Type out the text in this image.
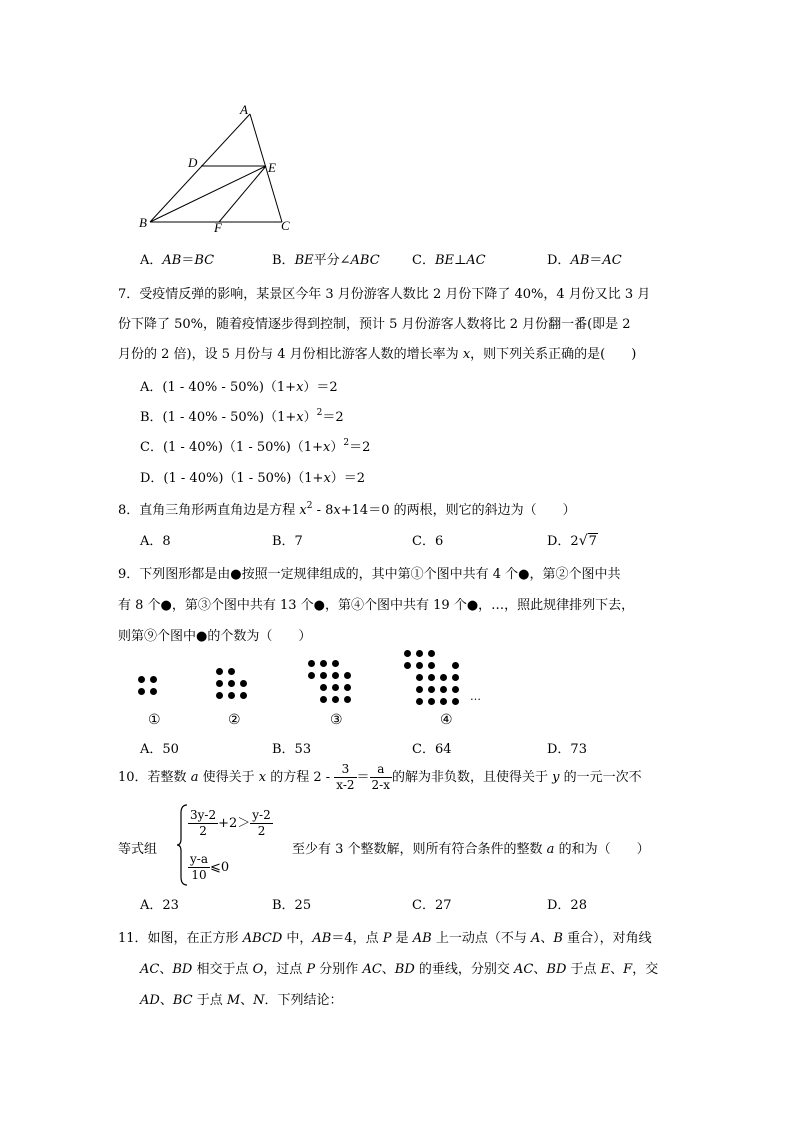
A
D	E
B	F	C
A．AB＝BC	B．BE平分∠ABC C．BE⊥AC	D．AB＝AC
7．受疫情反弹的影响，某景区今年 3 月份游客人数比 2 月份下降了 40%，4 月份又比 3 月
份下降了 50%，随着疫情逐步得到控制，预计 5 月份游客人数将比 2 月份翻一番(即是 2
月份的 2 倍)，设 5 月份与 4 月份相比游客人数的增长率为 x，则下列关系正确的是(　　)
A．(1 - 40% - 50%)（1+x）＝2
B．$(1 - 40\% - 50\%)(1+x)^2=2$
C．$(1 - 40\%)(1 - 50\%)(1+x)^2=2$
D．(1 - 40%)（1 - 50%)（1+x）＝2
8．直角三角形两直角边是方程 $x^2 - 8x+14=0$ 的两根，则它的斜边为（　　）
A．8	B．7	C．6	D．2√7
9．下列图形都是由●按照一定规律组成的，其中第①个图中共有 4 个●，第②个图中共
有 8 个●，第③个图中共有 13 个●，第④个图中共有 19 个●，…，照此规律排列下去，
则第⑨个图中●的个数为（　　）
…
①	②	③	④
A．50	B．53	C．64	D．73
10．若整数 a 使得关于 x 的方程 $2 - \frac{3}{x-2} = \frac{a}{2-x}$ 的解为非负数，且使得关于 y 的一元一次不
等式组
$\frac{3y-2}{2} +2> \frac{y-2}{2}$
$\frac{y-a}{10}$ ⩽0
至少有 3 个整数解，则所有符合条件的整数 a 的和为（　　）
A．23	B．25	C．27	D．28
11．如图，在正方形 ABCD 中，AB＝4，点 P 是 AB 上一动点（不与 A、B 重合），对角线
AC、BD 相交于点 O，过点 P 分别作 AC、BD 的垂线，分别交 AC、BD 于点 E、F，交
AD、BC 于点 M、N．下列结论：
